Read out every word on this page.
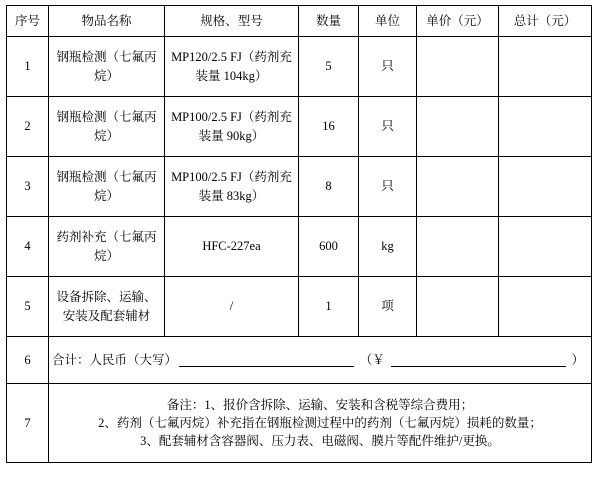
序号	物品名称	规格、型号	数量	单位	单价（元）	总计（元）
1	钢瓶检测（七氟丙烷）	MP120/2.5 FJ（药剂充装量 104kg）	5	只		
2	钢瓶检测（七氟丙烷）	MP100/2.5 FJ（药剂充装量 90kg）	16	只		
3	钢瓶检测（七氟丙烷）	MP100/2.5 FJ（药剂充装量 83kg）	8	只		
4	药剂补充（七氟丙烷）	HFC-227ea	600	kg		
5	设备拆除、运输、安装及配套辅材	/	1	项		
6	合计：人民币（大写） （￥ ）					

7	备注：1、报价含拆除、运输、安装和含税等综合费用；
2、药剂（七氟丙烷）补充指在钢瓶检测过程中的药剂（七氟丙烷）损耗的数量；
3、配套辅材含容器阀、压力表、电磁阀、膜片等配件维护/更换。					
